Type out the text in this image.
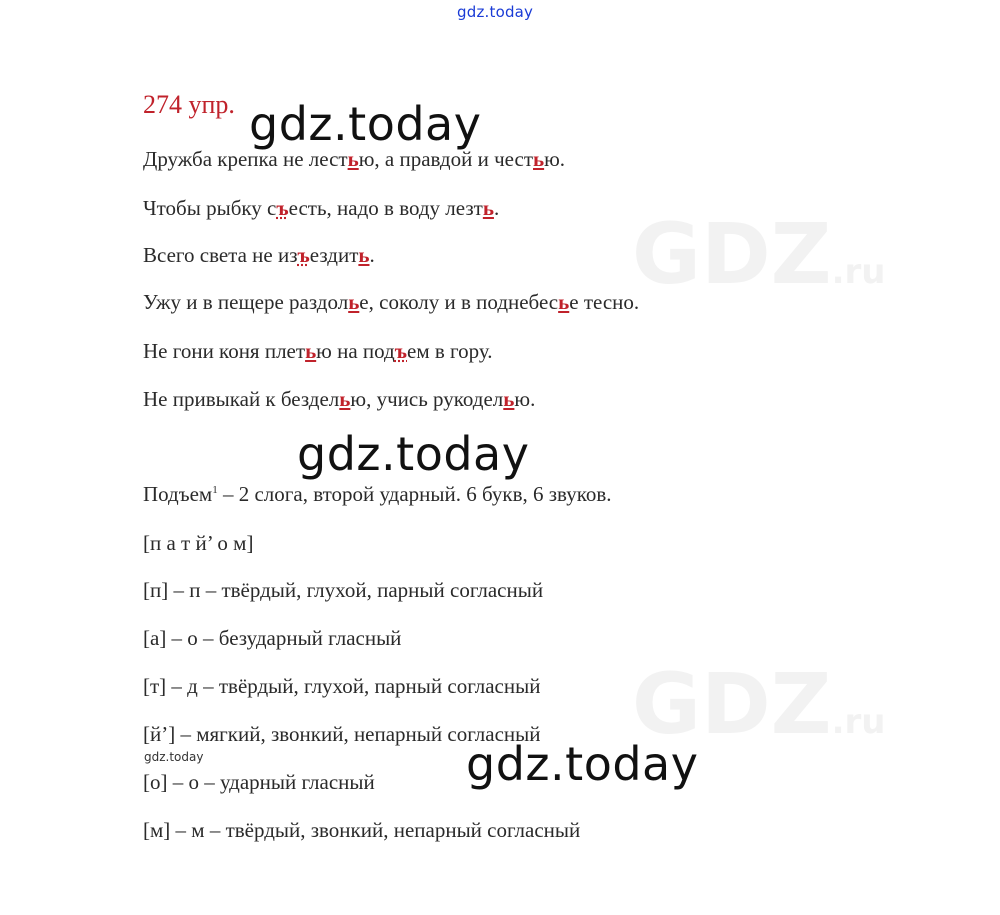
GDZ.ru
GDZ.ru
gdz.today
274 упр.
Дружба крепка не лестью, а правдой и честью.
Чтобы рыбку съесть, надо в воду лезть.
Всего света не изъездить.
Ужу и в пещере раздолье, соколу и в поднебесье тесно.
Не гони коня плетью на подъем в гору.
Не привыкай к безделью, учись рукоделью.
Подъем$^1$ – 2 слога, второй ударный. 6 букв, 6 звуков.
[п а т й’ о м]
[п] – п – твёрдый, глухой, парный согласный
[а] – о – безударный гласный
[т] – д – твёрдый, глухой, парный согласный
[й’] – мягкий, звонкий, непарный согласный
[о] – о – ударный гласный
[м] – м – твёрдый, звонкий, непарный согласный
gdz.today
gdz.today
gdz.today
gdz.today
